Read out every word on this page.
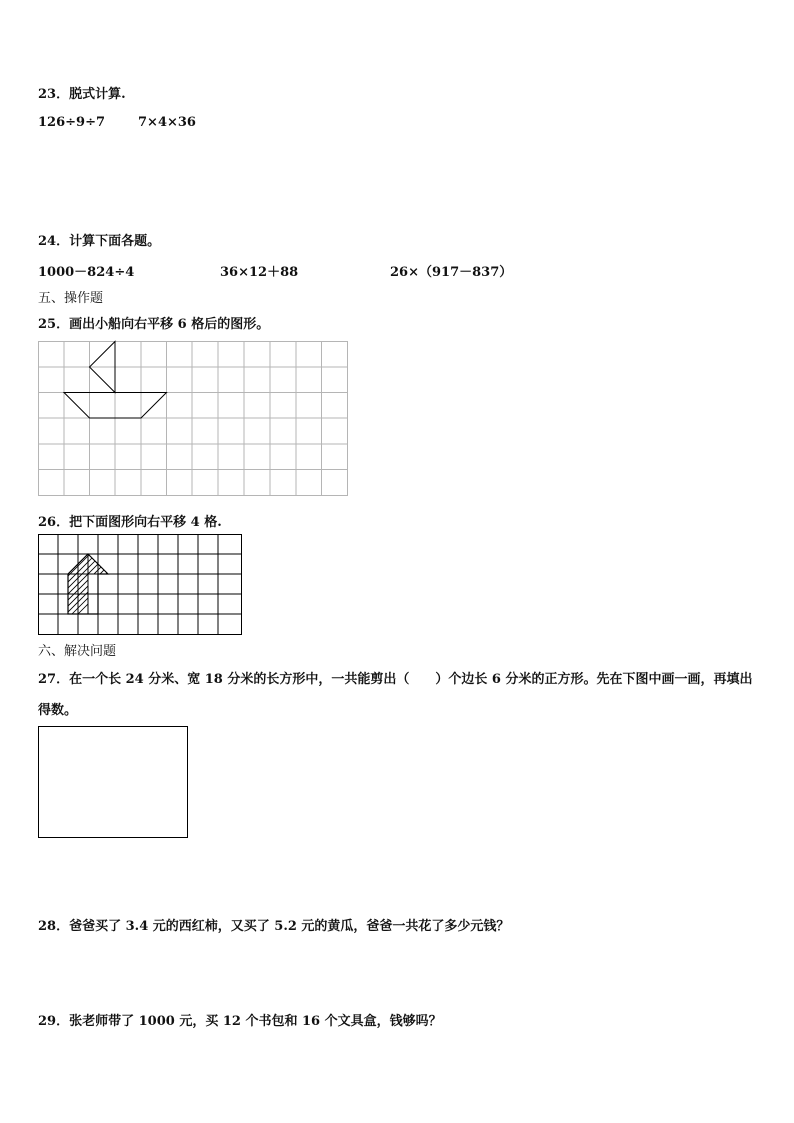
23．脱式计算.
126÷9÷7	7×4×36
24．计算下面各题。
1000－824÷4	36×12＋88	26×（917－837）
五、操作题
25．画出小船向右平移 6 格后的图形。
26．把下面图形向右平移 4 格.
六、解决问题
27．在一个长 24 分米、宽 18 分米的长方形中，一共能剪出（　　）个边长 6 分米的正方形。先在下图中画一画，再填出得数。
28．爸爸买了 3.4 元的西红柿，又买了 5.2 元的黄瓜，爸爸一共花了多少元钱？
29．张老师带了 1000 元，买 12 个书包和 16 个文具盒，钱够吗？
